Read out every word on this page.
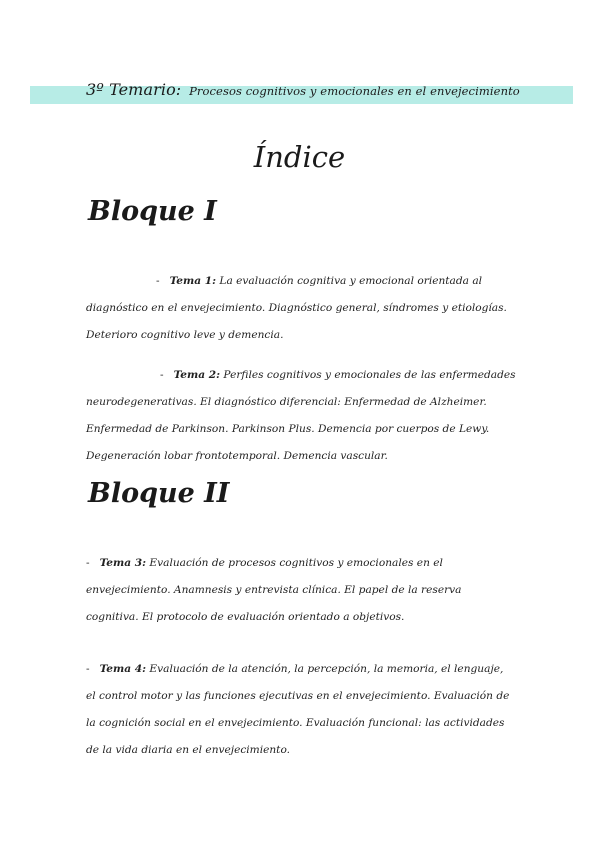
3º Temario: Procesos cognitivos y emocionales en el envejecimiento
Índice
Bloque I
- Tema 1: La evaluación cognitiva y emocional orientada al diagnóstico en el envejecimiento. Diagnóstico general, síndromes y etiologías. Deterioro cognitivo leve y demencia.
- Tema 2: Perfiles cognitivos y emocionales de las enfermedades neurodegenerativas. El diagnóstico diferencial: Enfermedad de Alzheimer. Enfermedad de Parkinson. Parkinson Plus. Demencia por cuerpos de Lewy. Degeneración lobar frontotemporal. Demencia vascular.
Bloque II
- Tema 3: Evaluación de procesos cognitivos y emocionales en el envejecimiento. Anamnesis y entrevista clínica. El papel de la reserva cognitiva. El protocolo de evaluación orientado a objetivos.
- Tema 4: Evaluación de la atención, la percepción, la memoria, el lenguaje, el control motor y las funciones ejecutivas en el envejecimiento. Evaluación de la cognición social en el envejecimiento. Evaluación funcional: las actividades de la vida diaria en el envejecimiento.
